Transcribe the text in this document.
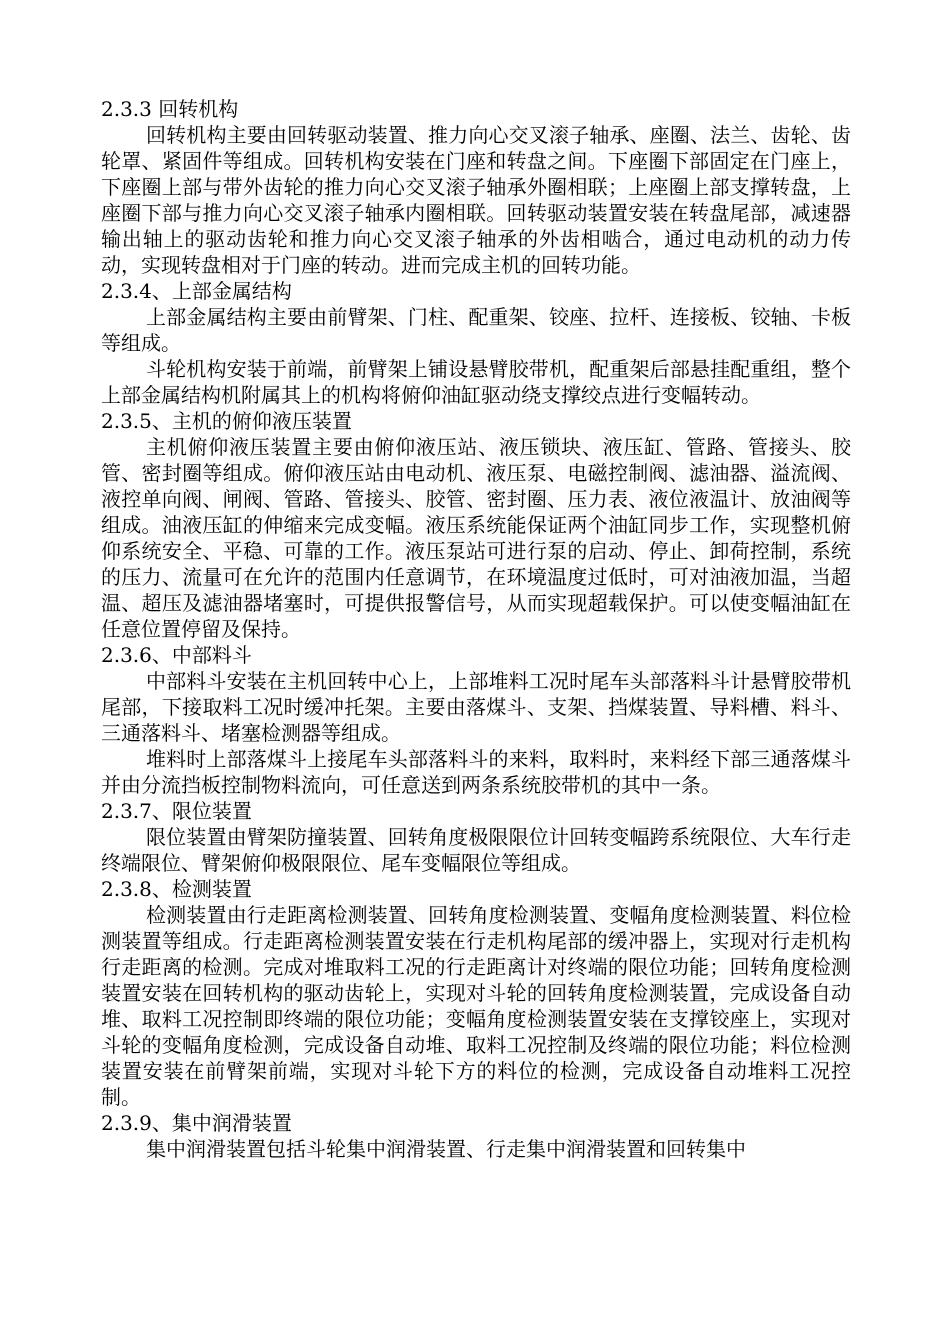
2.3.3 回转机构

回转机构主要由回转驱动装置、推力向心交叉滚子轴承、座圈、法兰、齿轮、齿轮罩、紧固件等组成。回转机构安装在门座和转盘之间。下座圈下部固定在门座上，下座圈上部与带外齿轮的推力向心交叉滚子轴承外圈相联；上座圈上部支撑转盘，上座圈下部与推力向心交叉滚子轴承内圈相联。回转驱动装置安装在转盘尾部，减速器输出轴上的驱动齿轮和推力向心交叉滚子轴承的外齿相啮合，通过电动机的动力传动，实现转盘相对于门座的转动。进而完成主机的回转功能。

2.3.4、上部金属结构

上部金属结构主要由前臂架、门柱、配重架、铰座、拉杆、连接板、铰轴、卡板等组成。

斗轮机构安装于前端，前臂架上铺设悬臂胶带机，配重架后部悬挂配重组，整个上部金属结构机附属其上的机构将俯仰油缸驱动绕支撑绞点进行变幅转动。

2.3.5、主机的俯仰液压装置

主机俯仰液压装置主要由俯仰液压站、液压锁块、液压缸、管路、管接头、胶管、密封圈等组成。俯仰液压站由电动机、液压泵、电磁控制阀、滤油器、溢流阀、液控单向阀、闸阀、管路、管接头、胶管、密封圈、压力表、液位液温计、放油阀等组成。油液压缸的伸缩来完成变幅。液压系统能保证两个油缸同步工作，实现整机俯仰系统安全、平稳、可靠的工作。液压泵站可进行泵的启动、停止、卸荷控制，系统的压力、流量可在允许的范围内任意调节，在环境温度过低时，可对油液加温，当超温、超压及滤油器堵塞时，可提供报警信号，从而实现超载保护。可以使变幅油缸在任意位置停留及保持。

2.3.6、中部料斗

中部料斗安装在主机回转中心上，上部堆料工况时尾车头部落料斗计悬臂胶带机尾部，下接取料工况时缓冲托架。主要由落煤斗、支架、挡煤装置、导料槽、料斗、三通落料斗、堵塞检测器等组成。

堆料时上部落煤斗上接尾车头部落料斗的来料，取料时，来料经下部三通落煤斗并由分流挡板控制物料流向，可任意送到两条系统胶带机的其中一条。

2.3.7、限位装置

限位装置由臂架防撞装置、回转角度极限限位计回转变幅跨系统限位、大车行走终端限位、臂架俯仰极限限位、尾车变幅限位等组成。

2.3.8、检测装置

检测装置由行走距离检测装置、回转角度检测装置、变幅角度检测装置、料位检测装置等组成。行走距离检测装置安装在行走机构尾部的缓冲器上，实现对行走机构行走距离的检测。完成对堆取料工况的行走距离计对终端的限位功能；回转角度检测装置安装在回转机构的驱动齿轮上，实现对斗轮的回转角度检测装置，完成设备自动堆、取料工况控制即终端的限位功能；变幅角度检测装置安装在支撑铰座上，实现对斗轮的变幅角度检测，完成设备自动堆、取料工况控制及终端的限位功能；料位检测装置安装在前臂架前端，实现对斗轮下方的料位的检测，完成设备自动堆料工况控制。

2.3.9、集中润滑装置

集中润滑装置包括斗轮集中润滑装置、行走集中润滑装置和回转集中
